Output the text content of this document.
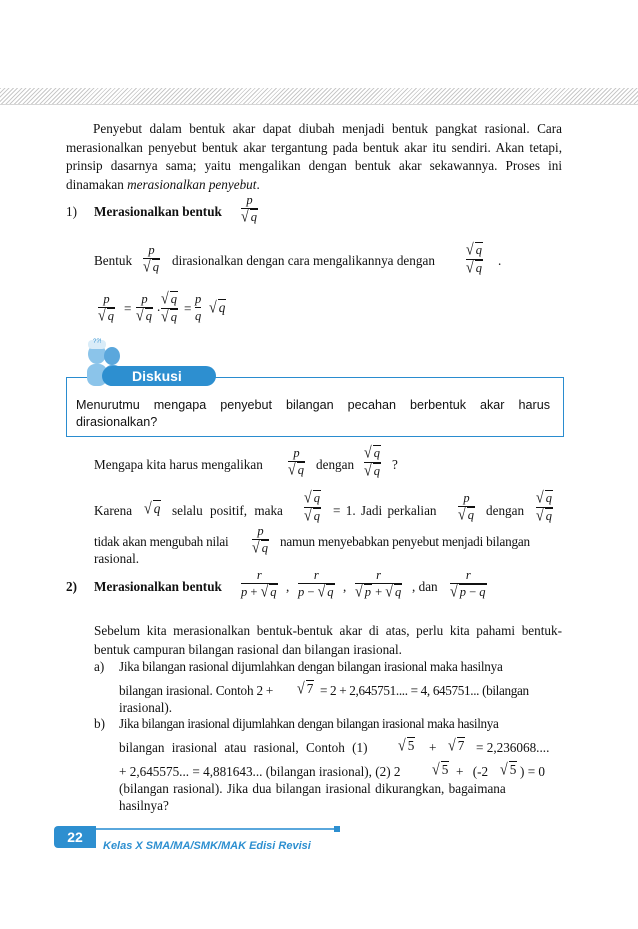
Penyebut dalam bentuk akar dapat diubah menjadi bentuk pangkat rasional. Cara merasionalkan penyebut bentuk akar tergantung pada bentuk akar itu sendiri. Akan tetapi, prinsip dasarnya sama; yaitu mengalikan dengan bentuk akar sekawannya. Proses ini dinamakan merasionalkan penyebut.
1) Merasionalkan bentuk
p
√ q
Bentuk
p
√ q dirasionalkan dengan cara mengalikannya dengan
√ q
√ q .
p
√ q =
p
√ q
. √ q
√ q
=
p
q √ q
??!
Diskusi
Menurutmu mengapa penyebut bilangan pecahan berbentuk akar harus dirasionalkan?
Mengapa kita harus mengalikan
p
√ q dengan
√ q
√ q ?
Karena √ q selalu positif, maka
√ q
√ q = 1. Jadi perkalian
p
√ q dengan
√ q
√ q
tidak akan mengubah nilai
p
√ q namun menyebabkan penyebut menjadi bilangan
rasional.
2) Merasionalkan bentuk
r
p + √ q ,
r
p − √ q ,
r
√ p + √ q , dan
r
√ p − q
Sebelum kita merasionalkan bentuk-bentuk akar di atas, perlu kita pahami bentuk-bentuk campuran bilangan rasional dan bilangan irasional.
a) Jika bilangan rasional dijumlahkan dengan bilangan irasional maka hasilnya
bilangan irasional. Contoh 2 + √ 7 = 2 + 2,645751.... = 4, 645751... (bilangan
irasional).
b) Jika bilangan irasional dijumlahkan dengan bilangan irasional maka hasilnya
bilangan irasional atau rasional, Contoh (1) √ 5 + √ 7 = 2,236068....
+ 2,645575... = 4,881643... (bilangan irasional), (2) 2 √ 5 + (-2 √ 5 ) = 0
(bilangan rasional). Jika dua bilangan irasional dikurangkan, bagaimana
hasilnya?
22
Kelas X SMA/MA/SMK/MAK Edisi Revisi
